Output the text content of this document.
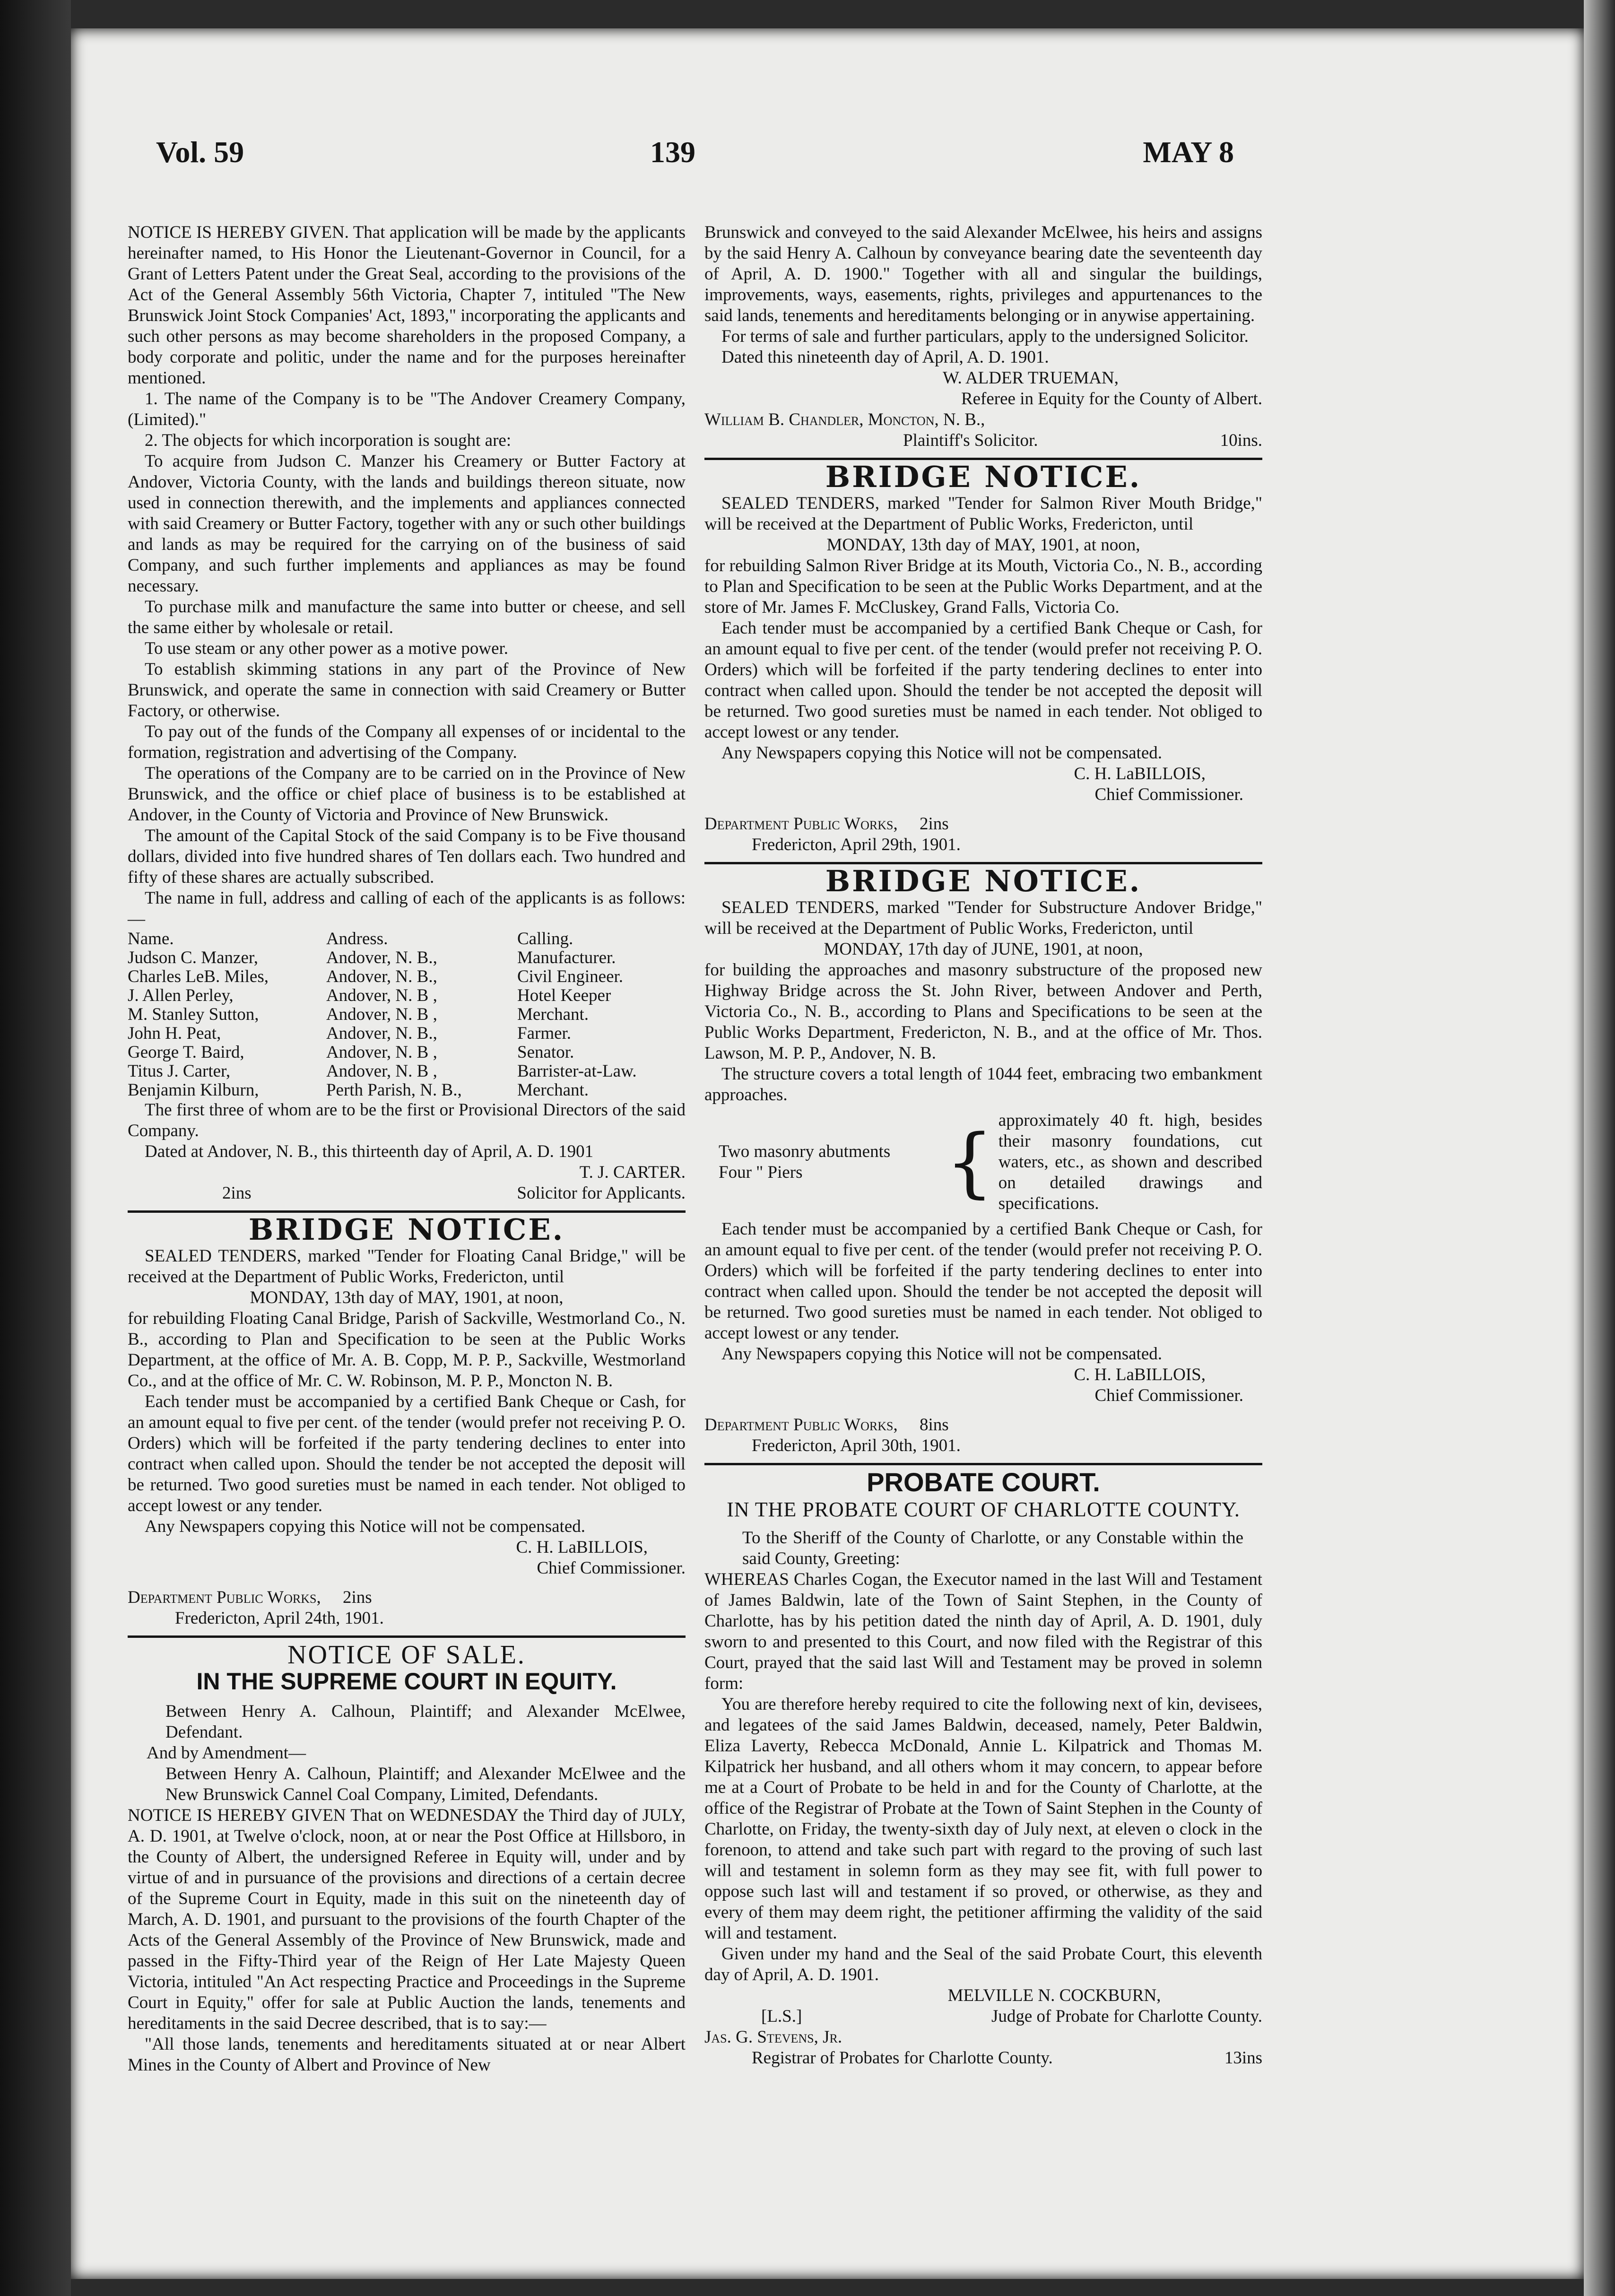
Vol. 59	139	MAY 8

NOTICE IS HEREBY GIVEN. That application will be made by the applicants hereinafter named, to His Honor the Lieutenant-Governor in Council, for a Grant of Letters Patent under the Great Seal, according to the provisions of the Act of the General Assembly 56th Victoria, Chapter 7, intituled "The New Brunswick Joint Stock Companies' Act, 1893," incorporating the applicants and such other persons as may become shareholders in the proposed Company, a body corporate and politic, under the name and for the purposes hereinafter mentioned.

1. The name of the Company is to be "The Andover Creamery Company, (Limited)."

2. The objects for which incorporation is sought are:

To acquire from Judson C. Manzer his Creamery or Butter Factory at Andover, Victoria County, with the lands and buildings thereon situate, now used in connection therewith, and the implements and appliances connected with said Creamery or Butter Factory, together with any or such other buildings and lands as may be required for the carrying on of the business of said Company, and such further implements and appliances as may be found necessary.

To purchase milk and manufacture the same into butter or cheese, and sell the same either by wholesale or retail.

To use steam or any other power as a motive power.

To establish skimming stations in any part of the Province of New Brunswick, and operate the same in connection with said Creamery or Butter Factory, or otherwise.

To pay out of the funds of the Company all expenses of or incidental to the formation, registration and advertising of the Company.

The operations of the Company are to be carried on in the Province of New Brunswick, and the office or chief place of business is to be established at Andover, in the County of Victoria and Province of New Brunswick.

The amount of the Capital Stock of the said Company is to be Five thousand dollars, divided into five hundred shares of Ten dollars each. Two hundred and fifty of these shares are actually subscribed.

The name in full, address and calling of each of the applicants is as follows:—

Name.	Andress.	Calling.
Judson C. Manzer,	Andover, N. B.,	Manufacturer.
Charles LeB. Miles,	Andover, N. B.,	Civil Engineer.
J. Allen Perley,	Andover, N. B ,	Hotel Keeper
M. Stanley Sutton,	Andover, N. B ,	Merchant.
John H. Peat,	Andover, N. B.,	Farmer.
George T. Baird,	Andover, N. B ,	Senator.
Titus J. Carter,	Andover, N. B ,	Barrister-at-Law.
Benjamin Kilburn,	Perth Parish, N. B.,	Merchant.

The first three of whom are to be the first or Provisional Directors of the said Company.

Dated at Andover, N. B., this thirteenth day of April, A. D. 1901

T. J. CARTER.

2ins	Solicitor for Applicants.
BRIDGE NOTICE.

SEALED TENDERS, marked "Tender for Floating Canal Bridge," will be received at the Department of Public Works, Fredericton, until

MONDAY, 13th day of MAY, 1901, at noon,

for rebuilding Floating Canal Bridge, Parish of Sackville, Westmorland Co., N. B., according to Plan and Specification to be seen at the Public Works Department, at the office of Mr. A. B. Copp, M. P. P., Sackville, Westmorland Co., and at the office of Mr. C. W. Robinson, M. P. P., Moncton N. B.

Each tender must be accompanied by a certified Bank Cheque or Cash, for an amount equal to five per cent. of the tender (would prefer not receiving P. O. Orders) which will be forfeited if the party tendering declines to enter into contract when called upon. Should the tender be not accepted the deposit will be returned. Two good sureties must be named in each tender. Not obliged to accept lowest or any tender.

Any Newspapers copying this Notice will not be compensated.

C. H. LaBILLOIS,

Chief Commissioner.

Department Public Works, 2ins

Fredericton, April 24th, 1901.

NOTICE OF SALE.
IN THE SUPREME COURT IN EQUITY.

Between Henry A. Calhoun, Plaintiff; and Alexander McElwee, Defendant.

And by Amendment—

Between Henry A. Calhoun, Plaintiff; and Alexander McElwee and the New Brunswick Cannel Coal Company, Limited, Defendants.

NOTICE IS HEREBY GIVEN That on WEDNESDAY the Third day of JULY, A. D. 1901, at Twelve o'clock, noon, at or near the Post Office at Hillsboro, in the County of Albert, the undersigned Referee in Equity will, under and by virtue of and in pursuance of the provisions and directions of a certain decree of the Supreme Court in Equity, made in this suit on the nineteenth day of March, A. D. 1901, and pursuant to the provisions of the fourth Chapter of the Acts of the General Assembly of the Province of New Brunswick, made and passed in the Fifty-Third year of the Reign of Her Late Majesty Queen Victoria, intituled "An Act respecting Practice and Proceedings in the Supreme Court in Equity," offer for sale at Public Auction the lands, tenements and hereditaments in the said Decree described, that is to say:—

"All those lands, tenements and hereditaments situated at or near Albert Mines in the County of Albert and Province of New

Brunswick and conveyed to the said Alexander McElwee, his heirs and assigns by the said Henry A. Calhoun by conveyance bearing date the seventeenth day of April, A. D. 1900." Together with all and singular the buildings, improvements, ways, easements, rights, privileges and appurtenances to the said lands, tenements and hereditaments belonging or in anywise appertaining.

For terms of sale and further particulars, apply to the undersigned Solicitor.

Dated this nineteenth day of April, A. D. 1901.

W. ALDER TRUEMAN,

Referee in Equity for the County of Albert.

William B. Chandler, Moncton, N. B.,

Plaintiff's Solicitor.	10ins.
BRIDGE NOTICE.

SEALED TENDERS, marked "Tender for Salmon River Mouth Bridge," will be received at the Department of Public Works, Fredericton, until

MONDAY, 13th day of MAY, 1901, at noon,

for rebuilding Salmon River Bridge at its Mouth, Victoria Co., N. B., according to Plan and Specification to be seen at the Public Works Department, and at the store of Mr. James F. McCluskey, Grand Falls, Victoria Co.

Each tender must be accompanied by a certified Bank Cheque or Cash, for an amount equal to five per cent. of the tender (would prefer not receiving P. O. Orders) which will be forfeited if the party tendering declines to enter into contract when called upon. Should the tender be not accepted the deposit will be returned. Two good sureties must be named in each tender. Not obliged to accept lowest or any tender.

Any Newspapers copying this Notice will not be compensated.

C. H. LaBILLOIS,

Chief Commissioner.

Department Public Works, 2ins

Fredericton, April 29th, 1901.

BRIDGE NOTICE.

SEALED TENDERS, marked "Tender for Substructure Andover Bridge," will be received at the Department of Public Works, Fredericton, until

MONDAY, 17th day of JUNE, 1901, at noon,

for building the approaches and masonry substructure of the proposed new Highway Bridge across the St. John River, between Andover and Perth, Victoria Co., N. B., according to Plans and Specifications to be seen at the Public Works Department, Fredericton, N. B., and at the office of Mr. Thos. Lawson, M. P. P., Andover, N. B.

The structure covers a total length of 1044 feet, embracing two embankment approaches.

Two masonry abutments

Four " Piers	{ approximately 40 ft. high, besides their masonry foundations, cut waters, etc., as shown and described on detailed drawings and specifications.

Each tender must be accompanied by a certified Bank Cheque or Cash, for an amount equal to five per cent. of the tender (would prefer not receiving P. O. Orders) which will be forfeited if the party tendering declines to enter into contract when called upon. Should the tender be not accepted the deposit will be returned. Two good sureties must be named in each tender. Not obliged to accept lowest or any tender.

Any Newspapers copying this Notice will not be compensated.

C. H. LaBILLOIS,

Chief Commissioner.

Department Public Works, 8ins

Fredericton, April 30th, 1901.

PROBATE COURT.
IN THE PROBATE COURT OF CHARLOTTE COUNTY.

To the Sheriff of the County of Charlotte, or any Constable within the said County, Greeting:

WHEREAS Charles Cogan, the Executor named in the last Will and Testament of James Baldwin, late of the Town of Saint Stephen, in the County of Charlotte, has by his petition dated the ninth day of April, A. D. 1901, duly sworn to and presented to this Court, and now filed with the Registrar of this Court, prayed that the said last Will and Testament may be proved in solemn form:

You are therefore hereby required to cite the following next of kin, devisees, and legatees of the said James Baldwin, deceased, namely, Peter Baldwin, Eliza Laverty, Rebecca McDonald, Annie L. Kilpatrick and Thomas M. Kilpatrick her husband, and all others whom it may concern, to appear before me at a Court of Probate to be held in and for the County of Charlotte, at the office of the Registrar of Probate at the Town of Saint Stephen in the County of Charlotte, on Friday, the twenty-sixth day of July next, at eleven o clock in the forenoon, to attend and take such part with regard to the proving of such last will and testament in solemn form as they may see fit, with full power to oppose such last will and testament if so proved, or otherwise, as they and every of them may deem right, the petitioner affirming the validity of the said will and testament.

Given under my hand and the Seal of the said Probate Court, this eleventh day of April, A. D. 1901.

MELVILLE N. COCKBURN,

[L.S.]	Judge of Probate for Charlotte County.

Jas. G. Stevens, Jr.

Registrar of Probates for Charlotte County.	13ins
